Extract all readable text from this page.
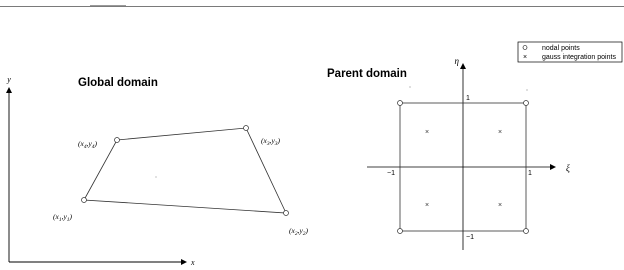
Global domain
y
x
$(x_1,y_1)$
$(x_2,y_2)$
$(x_3,y_3)$
$(x_4,y_4)$
Parent domain
η
ξ
×	×
×	×
−1	1
1
−1
nodal points
× gauss integration points
